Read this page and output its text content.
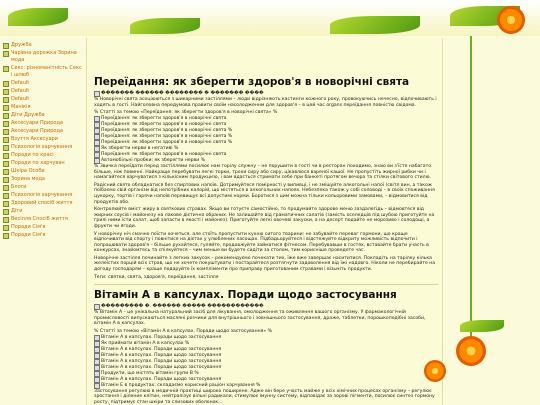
Дружба
Чарівна дорожка Зорина мода
Секс: різноманітність Секс і шлюб
Default
Default
Default
Манікія
Діти Дружба
Аксесуари Природа
Аксесуари Природа
Взуття Аксесуари
Психологія харчування
Поради по красі
Поради по харчуван
Шкіра Особи
Зорина мода
Блоги
Психологія харчування
Здоровий спосіб життя
Діти
Весілля Спосіб життя
Поради Сім'я
Поради Сім'я
Переїдання: як зберегти здоров'я в новорічні свята
������� ������ �������� � ������� ����

% Новорічні свята асоціюються з шикарними застіллями – люди відрізняють кастинги кожного року, провокуючись нечесно, відпочивають і ходять в гості. Найголовна передумова правити своїм насолодженнм для здоров'я – в цей час organs переїдання повністю свідома.

% Статті за темою «Переїдання: як зберегти здоров'я в новорічні свята» %
Переїдання: як зберегти здоров'я в новорічні свята
Переїдання: як зберегти здоров'я в новорічні свята
Переїдання: як зберегти здоров'я в новорічні свята %
Переїдання: як зберегти здоров'я в новорічні свята %
Переїдання: як зберегти здоров'я в новорічні свята %
Як зберегти нерви в негативі %
Переїдання: як зберегти здоров'я в новорічні свята
Автомобільні пробки: як зберегти нерви %

% Звичка переїдати перед застіллями посилює нам горілу служну – не порушити в гості чи в ресторан походимо, знаю ви з'їсте набагато більше, ніж повинні. Найкраще перебувати легкі торки, трохи сиру або сиру, цікавлюся вареної кашої. Не пропустіть жирної рибки чи і намагайтеся харчуватися з кількісним продукцією, і вам вдасться стримати себе при банкеті протягом вечора та стілки світового стилю.

Радісний свято обладнатися без спиртових напоїв. Дотримуйтеся помірності у випивці, і не змішуйте алкогольні напої (світл вин, а також поїбаємо свій організм від непотрібних калорій, що містяться в алкогольних напоях. Небезпека також у собі соловоді – в своїх споживання цукорку, тортів і гарячи напоїв перевищує всі допустимі норми. Боротися з цим можна тільки кольоровими замовами, – відмовитися від продуктів або.

Контролюйте вміст жиру в святкових стравах. Якщо ви готуєте самостійно, то продумайте здорове меню заздалегідь – відмовтеся від жирних соусів і майонезу на лакове дієтично обраних. Не залишайте від граматичних салатів (замість оселедців під шубою приготуйте на грилі ними їсти салат, щоб запасти в якості і майонез). Приготуйте легкі овочеві закуски, а на десерт подайте не морозиво і солодощі, а фрукти чи ягоди.

У новорічну ніч смачно поїсти хочеться, але стоїть пропустити кухню ситого тварини: не забувайте переваг гормони, що краще відпочивати від спорту і повнітися на дієтах у улюблених ласощах. Підбадьоруйтеся і відстежуйте відкриту можливість відпочити і попрацювати здоров'я – більше рухайтеся, гуляйте, продовжуйте займатися фітнесом. Перебувавши в гостях, вставайте брати участь в конкурсах, знайомтесь та спілкуйтеся – чим менше ви будете сидіти за столом, тим корисніше проведете час.

Новорічне застілля починайте з легких закусок – рекомендуємо почекати тих, їже вже завершає насититися. Покладіть на тарілку кілька желеїстих порцій всіх страв, що не хочете покуштувати і постарайтеся розтягнути задоволення від їжі надовго. Ніколи не перебирайте на догоду господарям – краще подаруйте їх компліменти про приправу приготованим стравами і візьміть продукти.

Теги: святки, свята, здоров'я, переїдання, застілля
Вітамін А в капсулах. Поради щодо застосування
��������� �. ������ ����� ������������

% Вітамін А – це унікальна натуральний засіб для лікування, омолодження та оживлення вашого організму. У фармакологічній промисловості випускаються масляні розчини для внутрішнього і зовнішнього застосування, драже, таблетки, порошкоподібні засоби, вітамін А в капсулах.

% Статті за темою «Вітамін А в капсулах. Поради щодо застосування» %
Вітамін А в капсулах. Поради щодо застосування
Як приймати вітамін А в капсулах %
Вітамін А в капсулах. Поради щодо застосування
Вітамін А в капсулах. Поради щодо застосування
Вітамін А в капсулах. Поради щодо застосування
Вітамін А в капсулах. Поради щодо застосування
Продукти, що містять вітамін групи В %
Вітамін А в капсулах. Поради щодо застосування
Вітамін Е в продуктах: складаємо корисний раціон харчування %

Застосування регулюю в медичній практиці широко поширене. Адже він бере участь майже у всіх хімічних процесах організму – регулює зростання і діление клітин, нейтралізує вільні радикали, стимулює імунну систему, відповідає за зорові пігменти, посилює синтез гормону росту, підтримує стан шкіри та слизових оболонок...
